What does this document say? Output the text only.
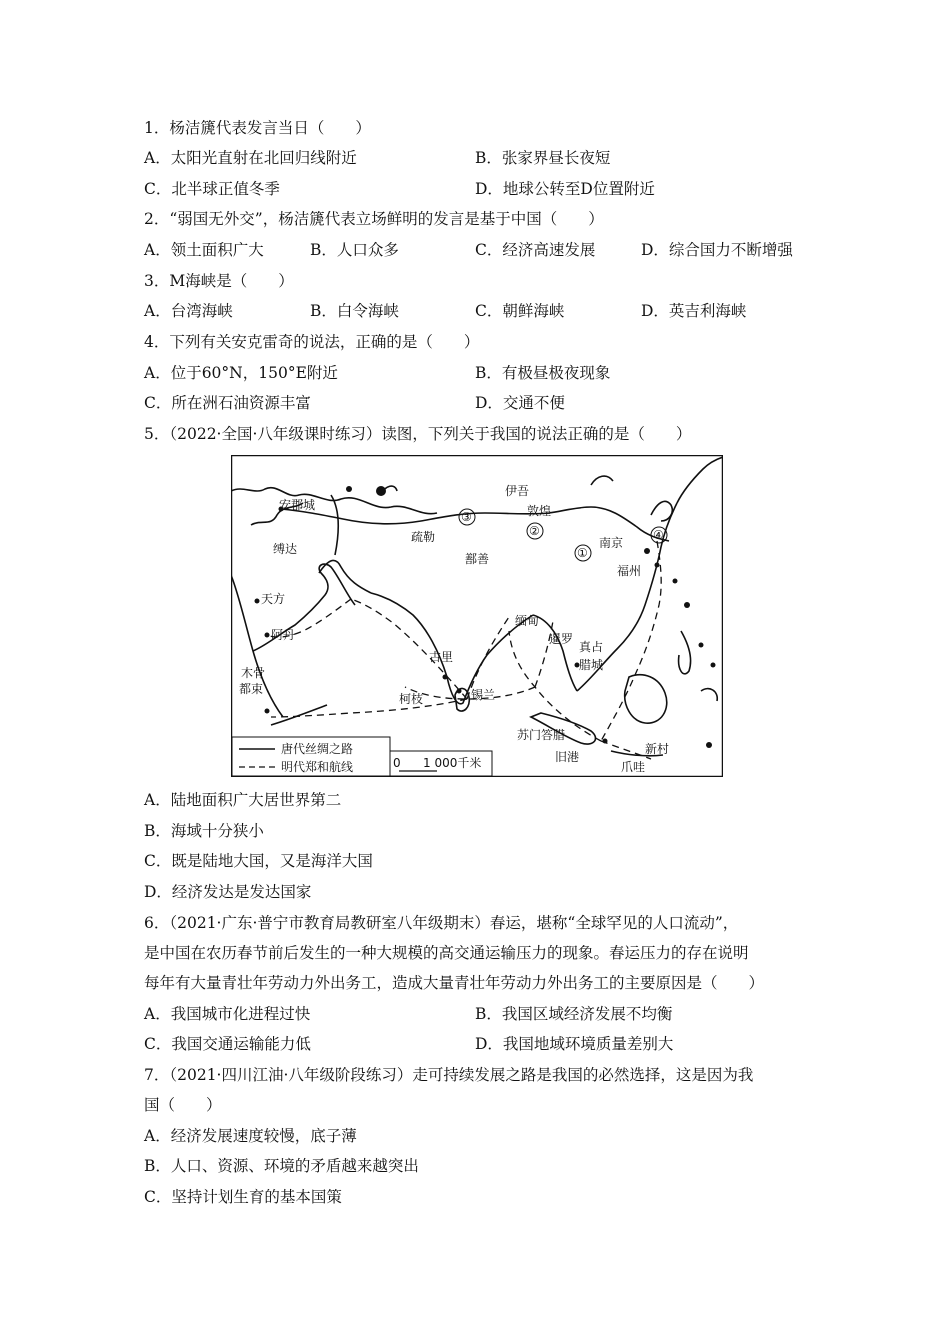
1．杨洁篪代表发言当日（　　）
A．太阳光直射在北回归线附近	B．张家界昼长夜短
C．北半球正值冬季	D．地球公转至D位置附近
2．“弱国无外交”，杨洁篪代表立场鲜明的发言是基于中国（　　）
A．领土面积广大	B．人口众多	C．经济高速发展	D．综合国力不断增强
3．M海峡是（　　）
A．台湾海峡	B．白令海峡	C．朝鲜海峡	D．英吉利海峡
4．下列有关安克雷奇的说法，正确的是（　　）
A．位于60°N，150°E附近	B．有极昼极夜现象
C．所在洲石油资源丰富	D．交通不便
5．（2022·全国·八年级课时练习）读图，下列关于我国的说法正确的是（　　）
安郡城
伊吾
敦煌
疏勒
鄯善
南京
福州
缚达
天方
阿丹
木骨
都束
古里
柯枝	锡兰
缅甸
暹罗
真占
腊城
苏门答腊
旧港
新村
爪哇
①
②
③
④
唐代丝绸之路
明代郑和航线	0 1 000千米
A．陆地面积广大居世界第二
B．海域十分狭小
C．既是陆地大国，又是海洋大国
D．经济发达是发达国家
6．（2021·广东·普宁市教育局教研室八年级期末）春运，堪称“全球罕见的人口流动”，
是中国在农历春节前后发生的一种大规模的高交通运输压力的现象。春运压力的存在说明
每年有大量青壮年劳动力外出务工，造成大量青壮年劳动力外出务工的主要原因是（　　）
A．我国城市化进程过快	B．我国区域经济发展不均衡
C．我国交通运输能力低	D．我国地域环境质量差别大
7．（2021·四川江油·八年级阶段练习）走可持续发展之路是我国的必然选择，这是因为我
国（　　）
A．经济发展速度较慢，底子薄
B．人口、资源、环境的矛盾越来越突出
C．坚持计划生育的基本国策
